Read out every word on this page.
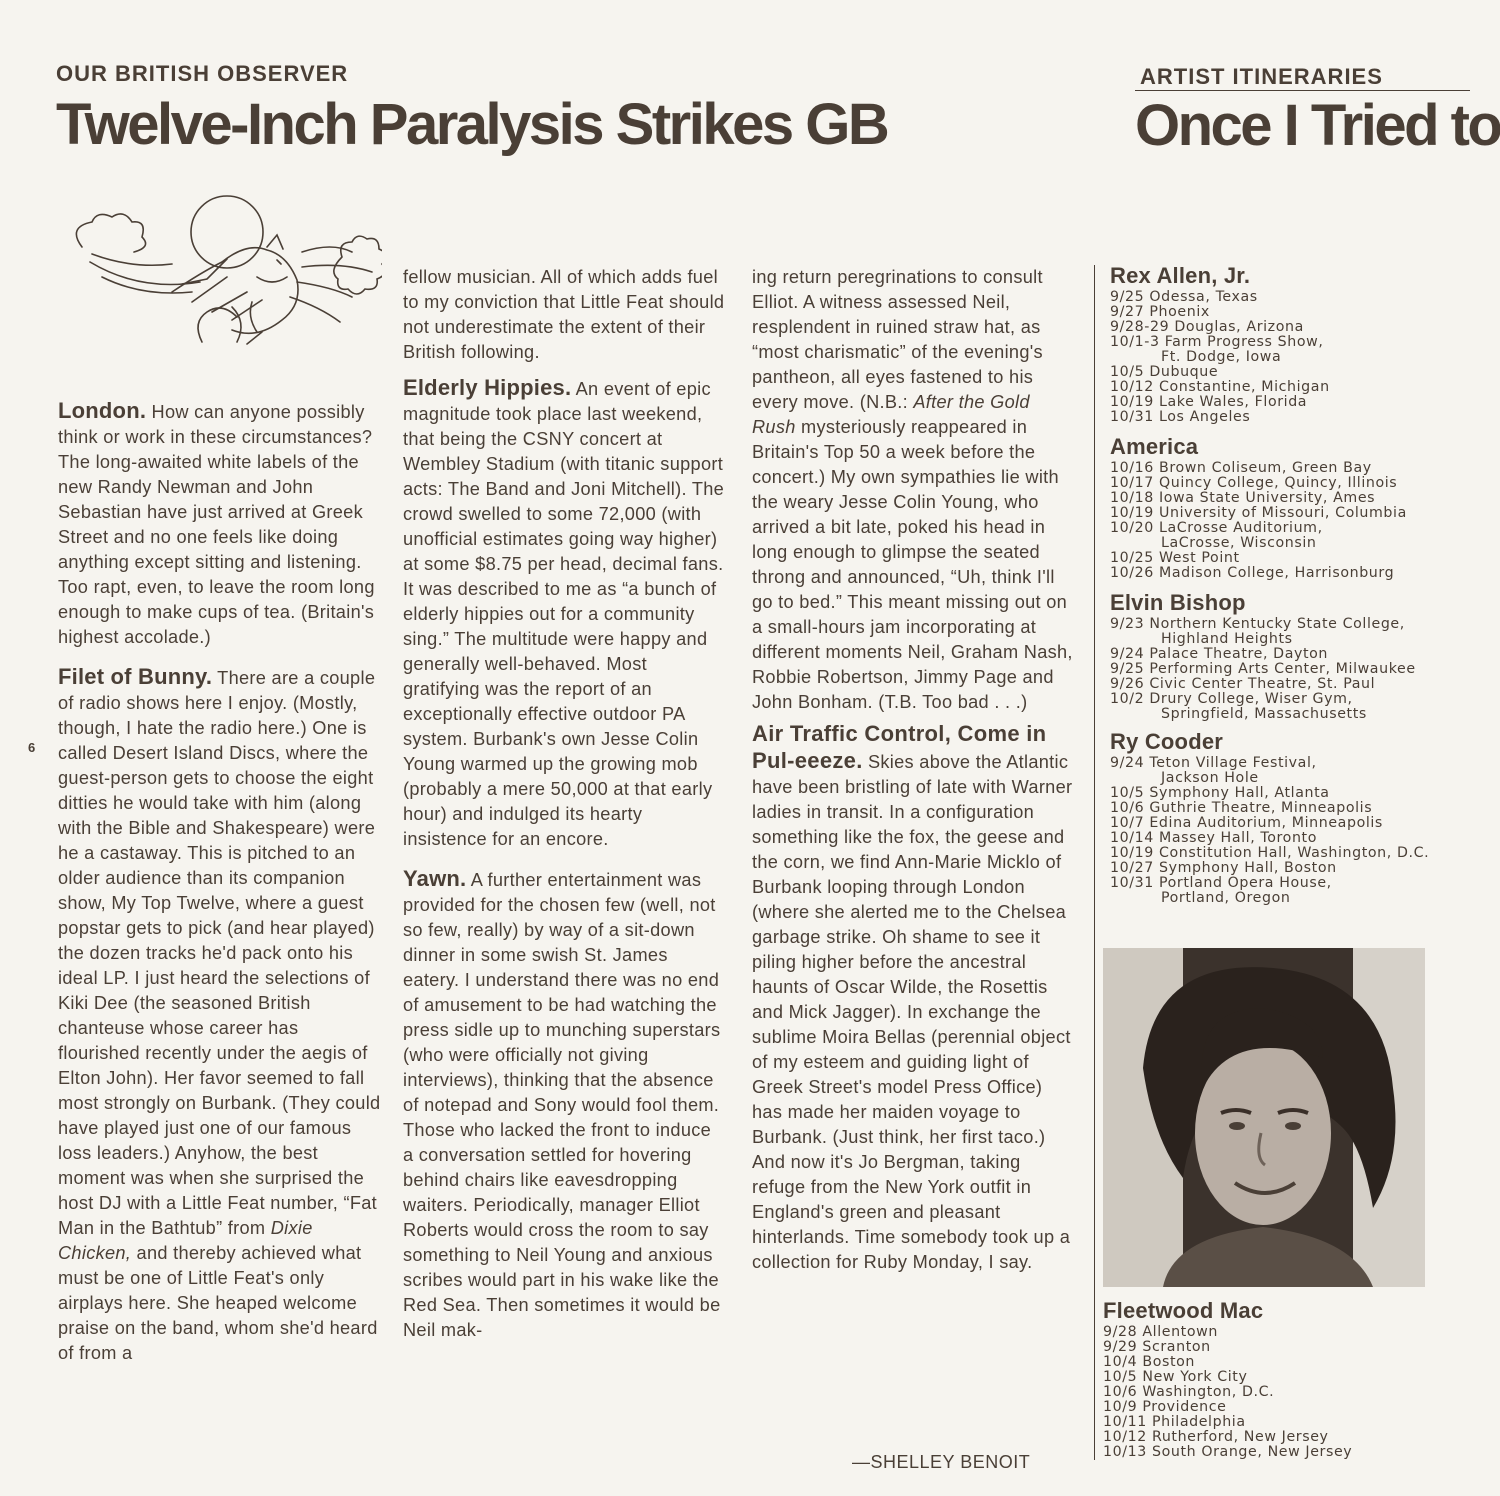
OUR BRITISH OBSERVER
Twelve-Inch Paralysis Strikes GB
ARTIST ITINERARIES
Once I Tried to
6

London. How can anyone possibly think or work in these circumstances? The long-awaited white labels of the new Randy Newman and John Sebastian have just arrived at Greek Street and no one feels like doing anything except sitting and listening. Too rapt, even, to leave the room long enough to make cups of tea. (Britain's highest accolade.)

Filet of Bunny. There are a couple of radio shows here I enjoy. (Mostly, though, I hate the radio here.) One is called Desert Island Discs, where the guest-person gets to choose the eight ditties he would take with him (along with the Bible and Shakespeare) were he a castaway. This is pitched to an older audience than its companion show, My Top Twelve, where a guest popstar gets to pick (and hear played) the dozen tracks he'd pack onto his ideal LP. I just heard the selections of Kiki Dee (the seasoned British chanteuse whose career has flourished recently under the aegis of Elton John). Her favor seemed to fall most strongly on Burbank. (They could have played just one of our famous loss leaders.) Anyhow, the best moment was when she surprised the host DJ with a Little Feat number, “Fat Man in the Bathtub” from Dixie Chicken, and thereby achieved what must be one of Little Feat's only airplays here. She heaped welcome praise on the band, whom she'd heard of from a

fellow musician. All of which adds fuel to my conviction that Little Feat should not underestimate the extent of their British following.

Elderly Hippies. An event of epic magnitude took place last weekend, that being the CSNY concert at Wembley Stadium (with titanic support acts: The Band and Joni Mitchell). The crowd swelled to some 72,000 (with unofficial estimates going way higher) at some $8.75 per head, decimal fans. It was described to me as “a bunch of elderly hippies out for a community sing.” The multitude were happy and generally well-behaved. Most gratifying was the report of an exceptionally effective outdoor PA system. Burbank's own Jesse Colin Young warmed up the growing mob (probably a mere 50,000 at that early hour) and indulged its hearty insistence for an encore.

Yawn. A further entertainment was provided for the chosen few (well, not so few, really) by way of a sit-down dinner in some swish St. James eatery. I understand there was no end of amusement to be had watching the press sidle up to munching superstars (who were officially not giving interviews), thinking that the absence of notepad and Sony would fool them. Those who lacked the front to induce a conversation settled for hovering behind chairs like eavesdropping waiters. Periodically, manager Elliot Roberts would cross the room to say something to Neil Young and anxious scribes would part in his wake like the Red Sea. Then sometimes it would be Neil mak-

ing return peregrinations to consult Elliot. A witness assessed Neil, resplendent in ruined straw hat, as “most charismatic” of the evening's pantheon, all eyes fastened to his every move. (N.B.: After the Gold Rush mysteriously reappeared in Britain's Top 50 a week before the concert.) My own sympathies lie with the weary Jesse Colin Young, who arrived a bit late, poked his head in long enough to glimpse the seated throng and announced, “Uh, think I'll go to bed.” This meant missing out on a small-hours jam incorporating at different moments Neil, Graham Nash, Robbie Robertson, Jimmy Page and John Bonham. (T.B. Too bad . . .)

Air Traffic Control, Come in Pul-eeeze. Skies above the Atlantic have been bristling of late with Warner ladies in transit. In a configuration something like the fox, the geese and the corn, we find Ann-Marie Micklo of Burbank looping through London (where she alerted me to the Chelsea garbage strike. Oh shame to see it piling higher before the ancestral haunts of Oscar Wilde, the Rosettis and Mick Jagger). In exchange the sublime Moira Bellas (perennial object of my esteem and guiding light of Greek Street's model Press Office) has made her maiden voyage to Burbank. (Just think, her first taco.) And now it's Jo Bergman, taking refuge from the New York outfit in England's green and pleasant hinterlands. Time somebody took up a collection for Ruby Monday, I say.

—SHELLEY BENOIT
Rex Allen, Jr.
9/25 Odessa, Texas
9/27 Phoenix
9/28-29 Douglas, Arizona
10/1-3 Farm Progress Show,
Ft. Dodge, Iowa
10/5 Dubuque
10/12 Constantine, Michigan
10/19 Lake Wales, Florida
10/31 Los Angeles
America
10/16 Brown Coliseum, Green Bay
10/17 Quincy College, Quincy, Illinois
10/18 Iowa State University, Ames
10/19 University of Missouri, Columbia
10/20 LaCrosse Auditorium,
LaCrosse, Wisconsin
10/25 West Point
10/26 Madison College, Harrisonburg
Elvin Bishop
9/23 Northern Kentucky State College,
Highland Heights
9/24 Palace Theatre, Dayton
9/25 Performing Arts Center, Milwaukee
9/26 Civic Center Theatre, St. Paul
10/2 Drury College, Wiser Gym,
Springfield, Massachusetts
Ry Cooder
9/24 Teton Village Festival,
Jackson Hole
10/5 Symphony Hall, Atlanta
10/6 Guthrie Theatre, Minneapolis
10/7 Edina Auditorium, Minneapolis
10/14 Massey Hall, Toronto
10/19 Constitution Hall, Washington, D.C.
10/27 Symphony Hall, Boston
10/31 Portland Opera House,
Portland, Oregon
Fleetwood Mac
9/28 Allentown
9/29 Scranton
10/4 Boston
10/5 New York City
10/6 Washington, D.C.
10/9 Providence
10/11 Philadelphia
10/12 Rutherford, New Jersey
10/13 South Orange, New Jersey
